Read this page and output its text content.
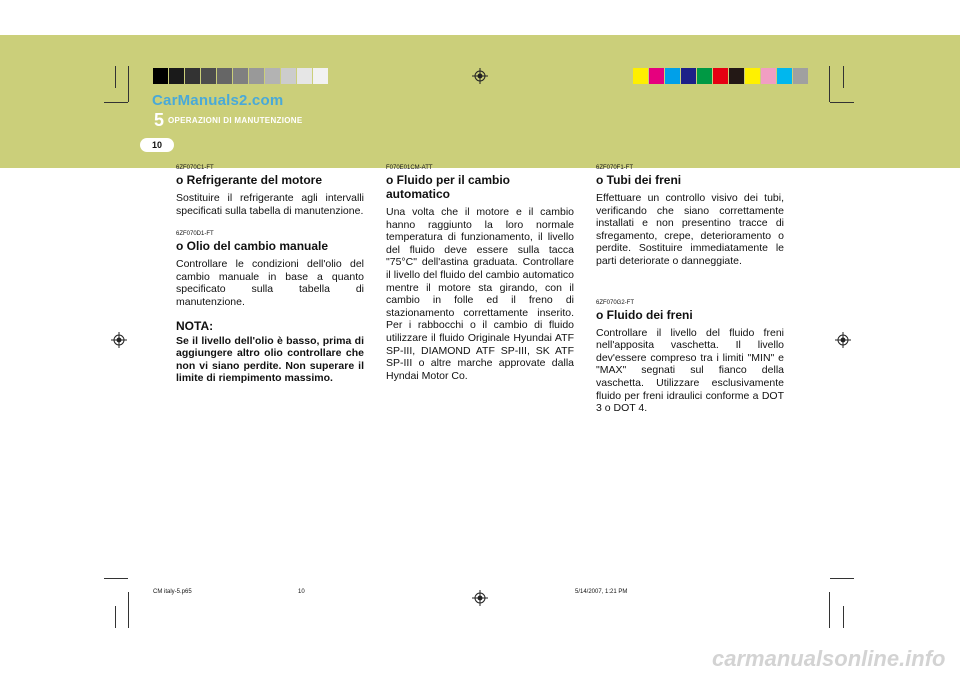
CarManuals2.com
5 OPERAZIONI DI MANUTENZIONE
10
6ZF070C1-FT
o Refrigerante del motore
Sostituire il refrigerante agli intervalli specificati sulla tabella di manutenzione.
6ZF070D1-FT
o Olio del cambio manuale
Controllare le condizioni dell'olio del cambio manuale in base a quanto specificato sulla tabella di manutenzione.
NOTA:
Se il livello dell'olio è basso, prima di aggiungere altro olio controllare che non vi siano perdite. Non superare il limite di riempimento massimo.
F070E01CM-ATT
o Fluido per il cambio automatico
Una volta che il motore e il cambio hanno raggiunto la loro normale temperatura di funzionamento, il livello del fluido deve essere sulla tacca "75°C" dell'astina graduata. Controllare il livello del fluido del cambio automatico mentre il motore sta girando, con il cambio in folle ed il freno di stazionamento correttamente inserito. Per i rabbocchi o il cambio di fluido utilizzare il fluido Originale Hyundai ATF SP-III, DIAMOND ATF SP-III, SK ATF SP-III o altre marche approvate dalla Hyndai Motor Co.
6ZF070F1-FT
o Tubi dei freni
Effettuare un controllo visivo dei tubi, verificando che siano correttamente installati e non presentino tracce di sfregamento, crepe, deterioramento o perdite. Sostituire immediatamente le parti deteriorate o danneggiate.
6ZF070G2-FT
o Fluido dei freni
Controllare il livello del fluido freni nell'apposita vaschetta. Il livello dev'essere compreso tra i limiti "MIN" e "MAX" segnati sul fianco della vaschetta. Utilizzare esclusivamente fluido per freni idraulici conforme a DOT 3 o DOT 4.
CM italy-5.p65	10	5/14/2007, 1:21 PM
carmanualsonline.info
